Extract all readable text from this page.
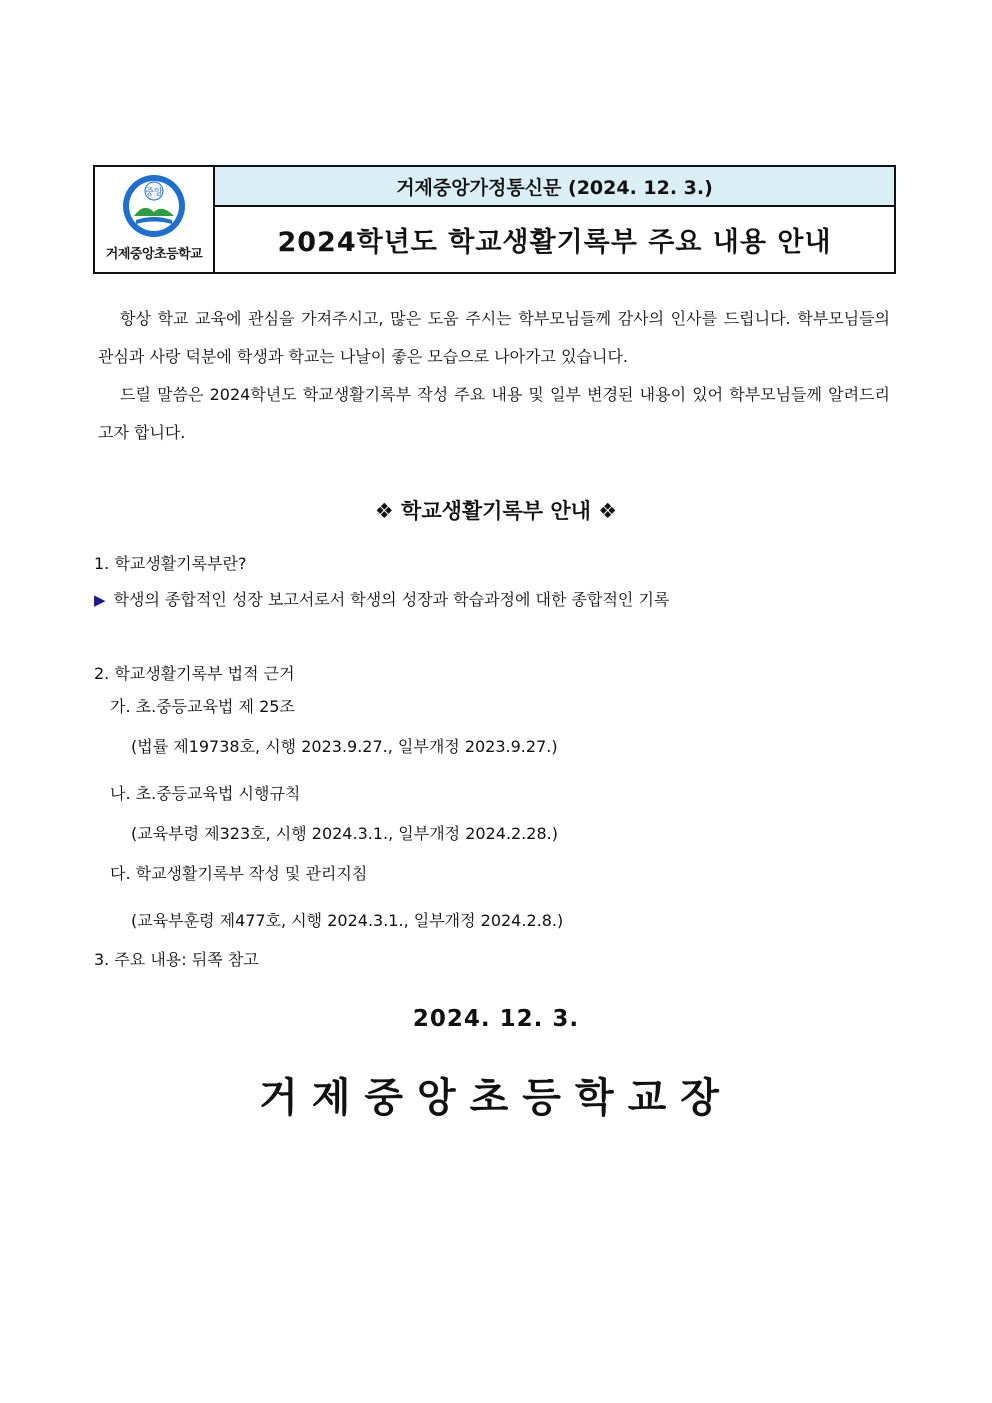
중앙
거제중앙초등학교
거제중앙가정통신문 (2024. 12. 3.)
2024학년도 학교생활기록부 주요 내용 안내

항상 학교 교육에 관심을 가져주시고, 많은 도움 주시는 학부모님들께 감사의 인사를 드립니다. 학부모님들의 관심과 사랑 덕분에 학생과 학교는 나날이 좋은 모습으로 나아가고 있습니다.

드릴 말씀은 2024학년도 학교생활기록부 작성 주요 내용 및 일부 변경된 내용이 있어 학부모님들께 알려드리고자 합니다.

❖ 학교생활기록부 안내 ❖
1. 학교생활기록부란?
▶ 학생의 종합적인 성장 보고서로서 학생의 성장과 학습과정에 대한 종합적인 기록
2. 학교생활기록부 법적 근거
가. 초.중등교육법 제 25조
(법률 제19738호, 시행 2023.9.27., 일부개정 2023.9.27.)
나. 초.중등교육법 시행규칙
(교육부령 제323호, 시행 2024.3.1., 일부개정 2024.2.28.)
다. 학교생활기록부 작성 및 관리지침
(교육부훈령 제477호, 시행 2024.3.1., 일부개정 2024.2.8.)
3. 주요 내용: 뒤쪽 참고
2024. 12. 3.
거제중앙초등학교장
